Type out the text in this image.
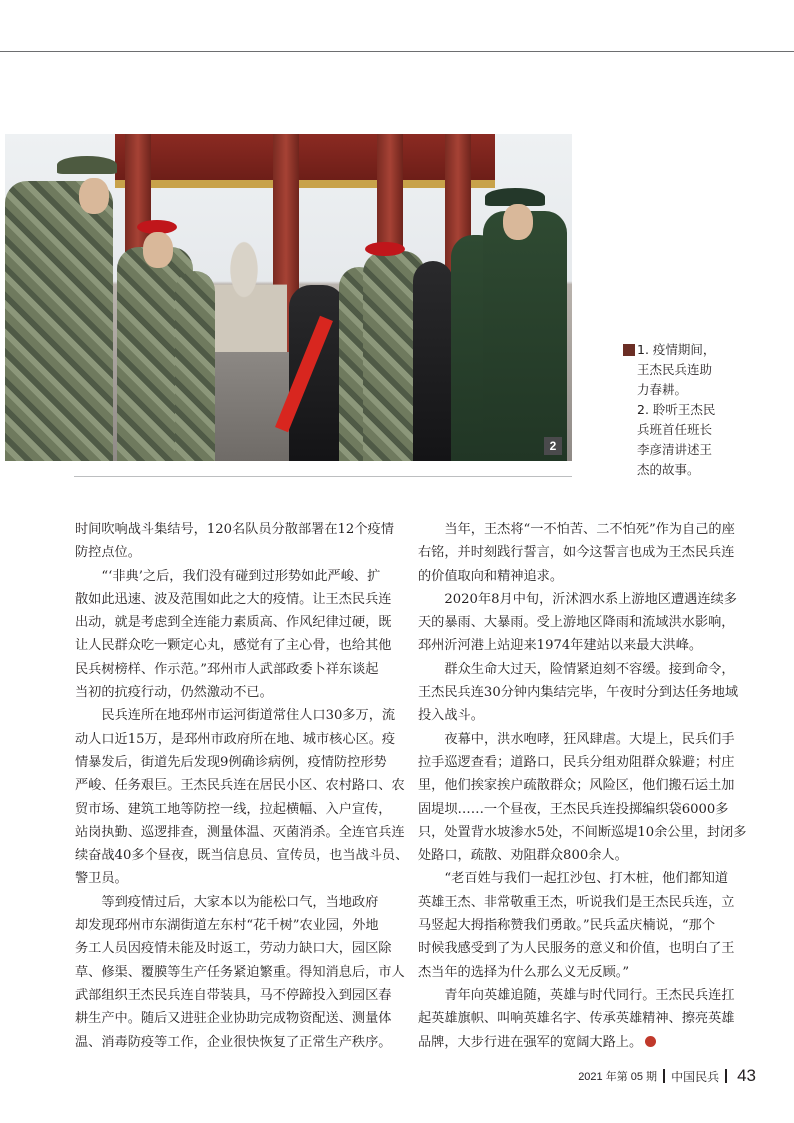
2

1. 疫情期间，
王杰民兵连助
力春耕。
2. 聆听王杰民
兵班首任班长
李彦清讲述王
杰的故事。

时间吹响战斗集结号，120名队员分散部署在12个疫情
防控点位。

“‘非典’之后，我们没有碰到过形势如此严峻、扩
散如此迅速、波及范围如此之大的疫情。让王杰民兵连
出动，就是考虑到全连能力素质高、作风纪律过硬，既
让人民群众吃一颗定心丸，感觉有了主心骨，也给其他
民兵树榜样、作示范。”邳州市人武部政委卜祥东谈起
当初的抗疫行动，仍然激动不已。

民兵连所在地邳州市运河街道常住人口30多万，流
动人口近15万，是邳州市政府所在地、城市核心区。疫
情暴发后，街道先后发现9例确诊病例，疫情防控形势
严峻、任务艰巨。王杰民兵连在居民小区、农村路口、农
贸市场、建筑工地等防控一线，拉起横幅、入户宣传，
站岗执勤、巡逻排查，测量体温、灭菌消杀。全连官兵连
续奋战40多个昼夜，既当信息员、宣传员，也当战斗员、
警卫员。

等到疫情过后，大家本以为能松口气，当地政府
却发现邳州市东湖街道左东村“花千树”农业园，外地
务工人员因疫情未能及时返工，劳动力缺口大，园区除
草、修渠、覆膜等生产任务紧迫繁重。得知消息后，市人
武部组织王杰民兵连自带装具，马不停蹄投入到园区春
耕生产中。随后又进驻企业协助完成物资配送、测量体
温、消毒防疫等工作，企业很快恢复了正常生产秩序。

当年，王杰将“一不怕苦、二不怕死”作为自己的座
右铭，并时刻践行誓言，如今这誓言也成为王杰民兵连
的价值取向和精神追求。

2020年8月中旬，沂沭泗水系上游地区遭遇连续多
天的暴雨、大暴雨。受上游地区降雨和流域洪水影响，
邳州沂河港上站迎来1974年建站以来最大洪峰。

群众生命大过天，险情紧迫刻不容缓。接到命令，
王杰民兵连30分钟内集结完毕，午夜时分到达任务地域
投入战斗。

夜幕中，洪水咆哮，狂风肆虐。大堤上，民兵们手
拉手巡逻查看；道路口，民兵分组劝阻群众躲避；村庄
里，他们挨家挨户疏散群众；风险区，他们搬石运土加
固堤坝……一个昼夜，王杰民兵连投掷编织袋6000多
只，处置背水坡渗水5处，不间断巡堤10余公里，封闭多
处路口，疏散、劝阻群众800余人。

“老百姓与我们一起扛沙包、打木桩，他们都知道
英雄王杰、非常敬重王杰，听说我们是王杰民兵连，立
马竖起大拇指称赞我们勇敢。”民兵孟庆楠说，“那个
时候我感受到了为人民服务的意义和价值，也明白了王
杰当年的选择为什么那么义无反顾。”

青年向英雄追随，英雄与时代同行。王杰民兵连扛
起英雄旗帜、叫响英雄名字、传承英雄精神、擦亮英雄
品牌，大步行进在强军的宽阔大路上。

2021 年第 05 期 中国民兵 43
